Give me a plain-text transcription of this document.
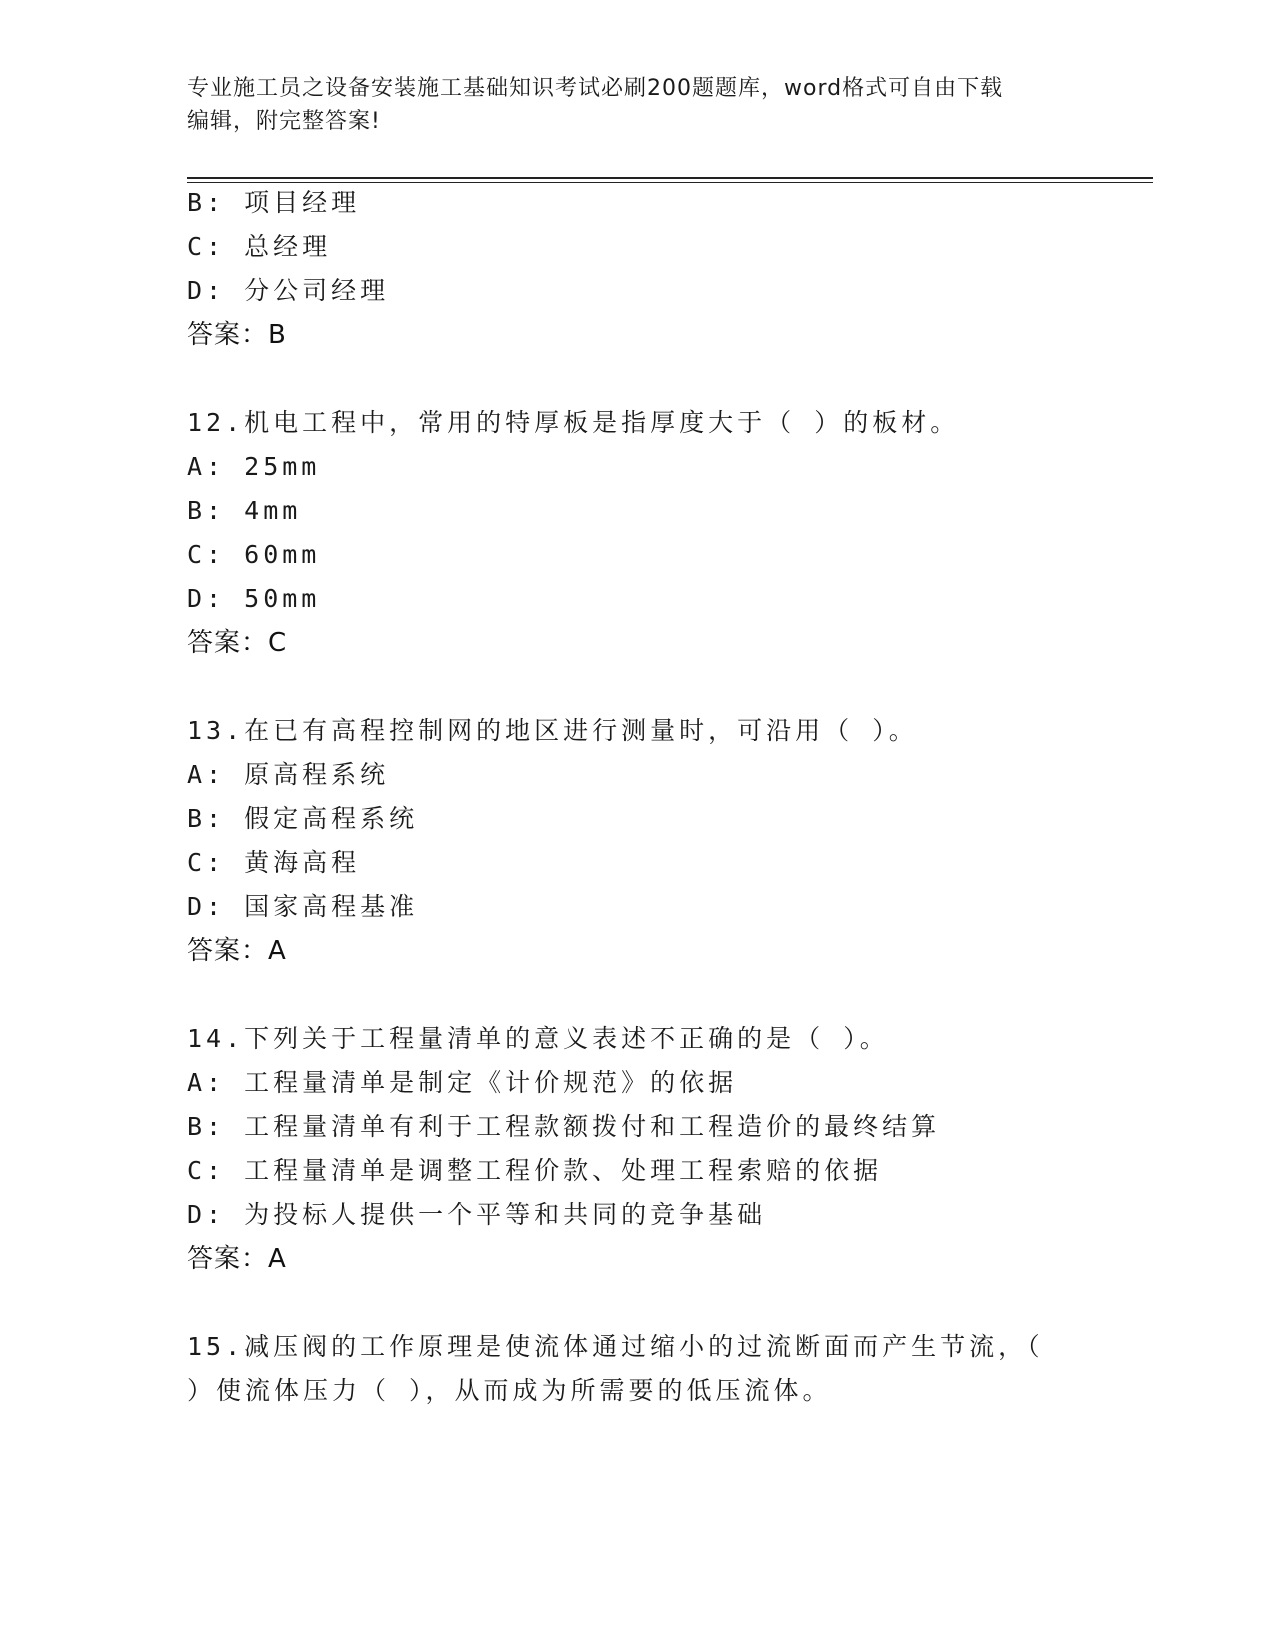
专业施工员之设备安装施工基础知识考试必刷200题题库，word格式可自由下载
编辑，附完整答案!
B: 项目经理
C: 总经理
D: 分公司经理
答案：B
12.机电工程中，常用的特厚板是指厚度大于（ ）的板材。
A: 25mm
B: 4mm
C: 60mm
D: 50mm
答案：C
13.在已有高程控制网的地区进行测量时，可沿用（ ）。
A: 原高程系统
B: 假定高程系统
C: 黄海高程
D: 国家高程基准
答案：A
14.下列关于工程量清单的意义表述不正确的是（ ）。
A: 工程量清单是制定《计价规范》的依据
B: 工程量清单有利于工程款额拨付和工程造价的最终结算
C: 工程量清单是调整工程价款、处理工程索赔的依据
D: 为投标人提供一个平等和共同的竞争基础
答案：A
15.减压阀的工作原理是使流体通过缩小的过流断面而产生节流，（
）使流体压力（ ），从而成为所需要的低压流体。
